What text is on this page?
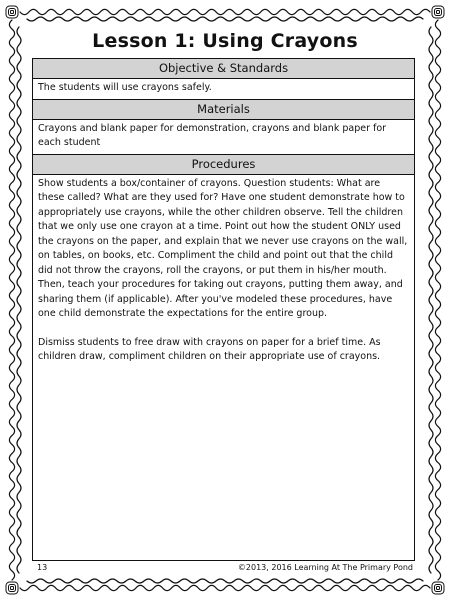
Lesson 1: Using Crayons
Objective & Standards

The students will use crayons safely.

Materials

Crayons and blank paper for demonstration, crayons and blank paper for each student

Procedures

Show students a box/container of crayons. Question students: What are these called? What are they used for? Have one student demonstrate how to appropriately use crayons, while the other children observe. Tell the children that we only use one crayon at a time. Point out how the student ONLY used the crayons on the paper, and explain that we never use crayons on the wall, on tables, on books, etc. Compliment the child and point out that the child did not throw the crayons, roll the crayons, or put them in his/her mouth. Then, teach your procedures for taking out crayons, putting them away, and sharing them (if applicable). After you've modeled these procedures, have one child demonstrate the expectations for the entire group.

Dismiss students to free draw with crayons on paper for a brief time. As children draw, compliment children on their appropriate use of crayons.

13	©2013, 2016 Learning At The Primary Pond
